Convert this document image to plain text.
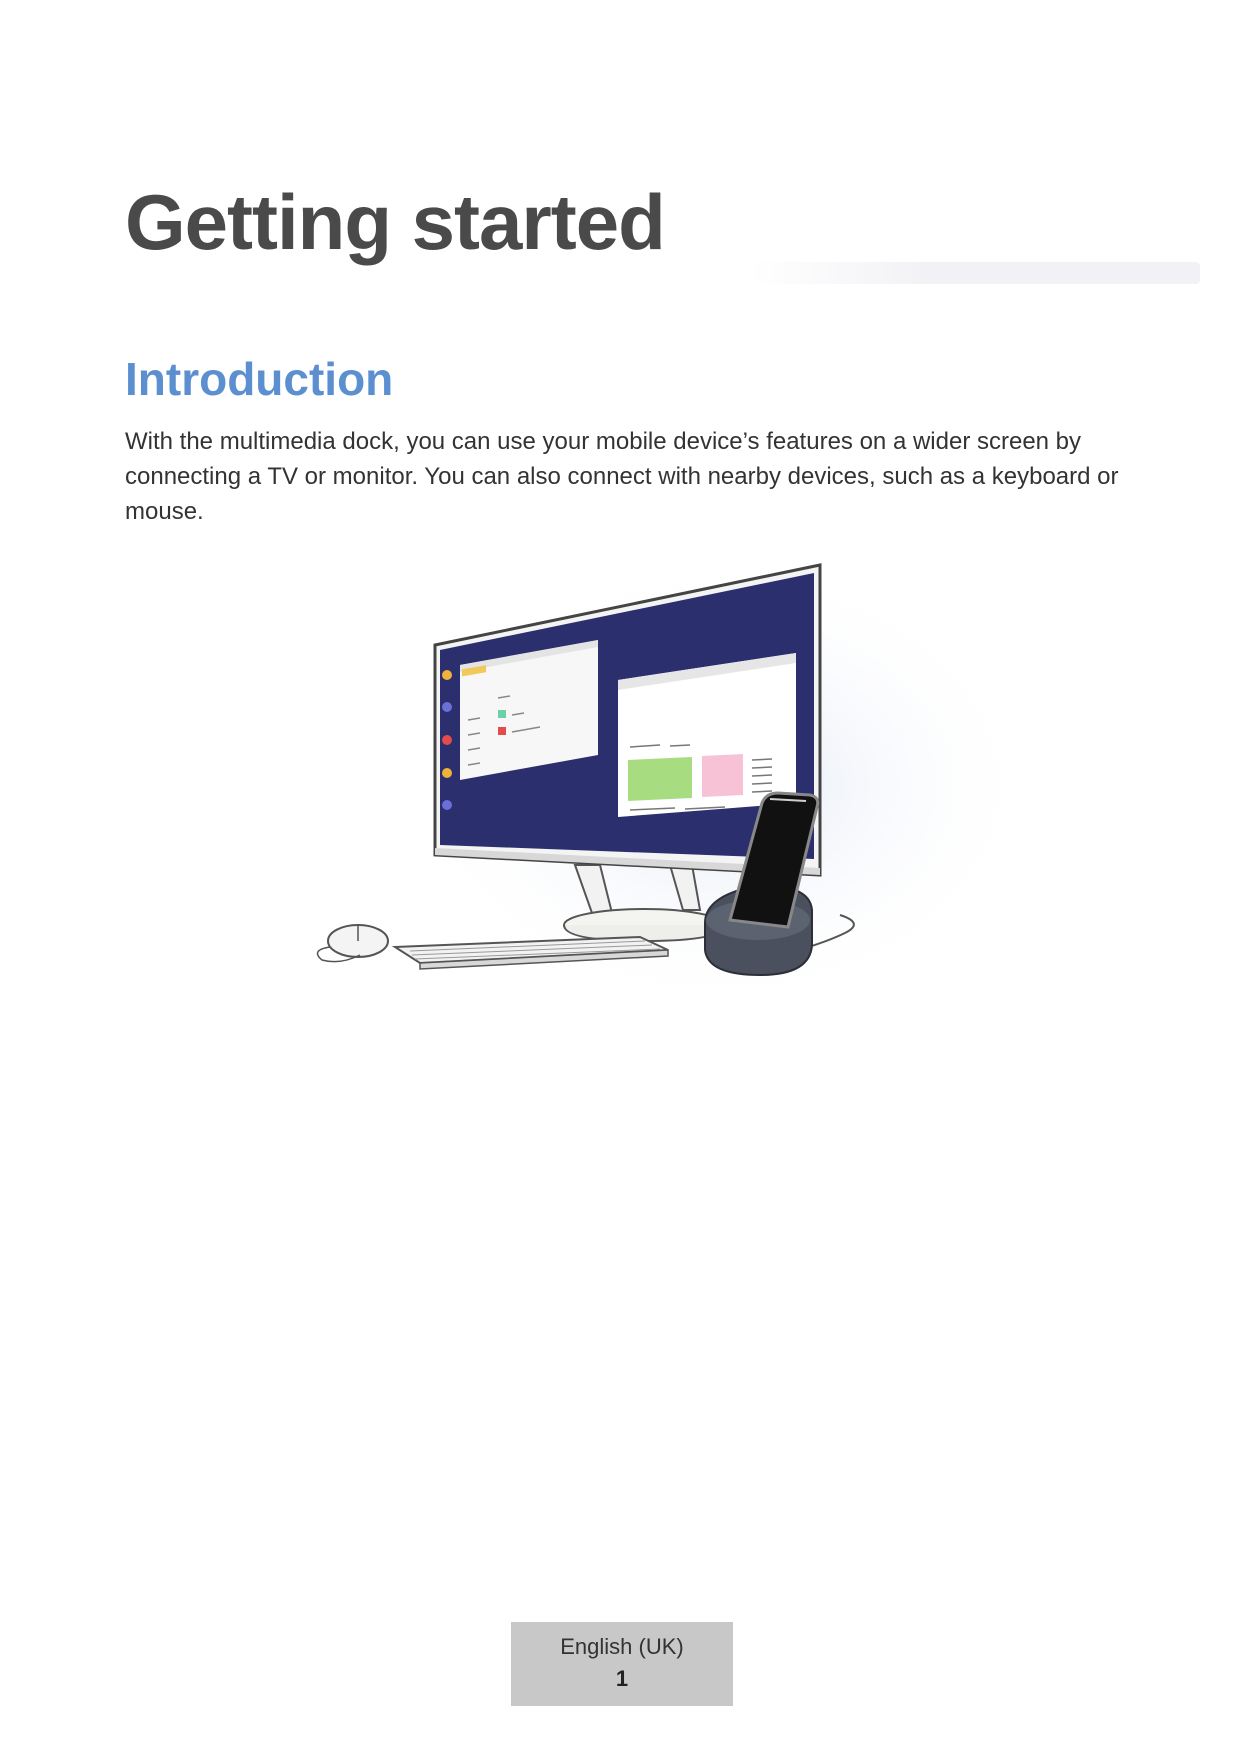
Getting started
Introduction

With the multimedia dock, you can use your mobile device’s features on a wider screen by connecting a TV or monitor. You can also connect with nearby devices, such as a keyboard or mouse.

English (UK)
1
